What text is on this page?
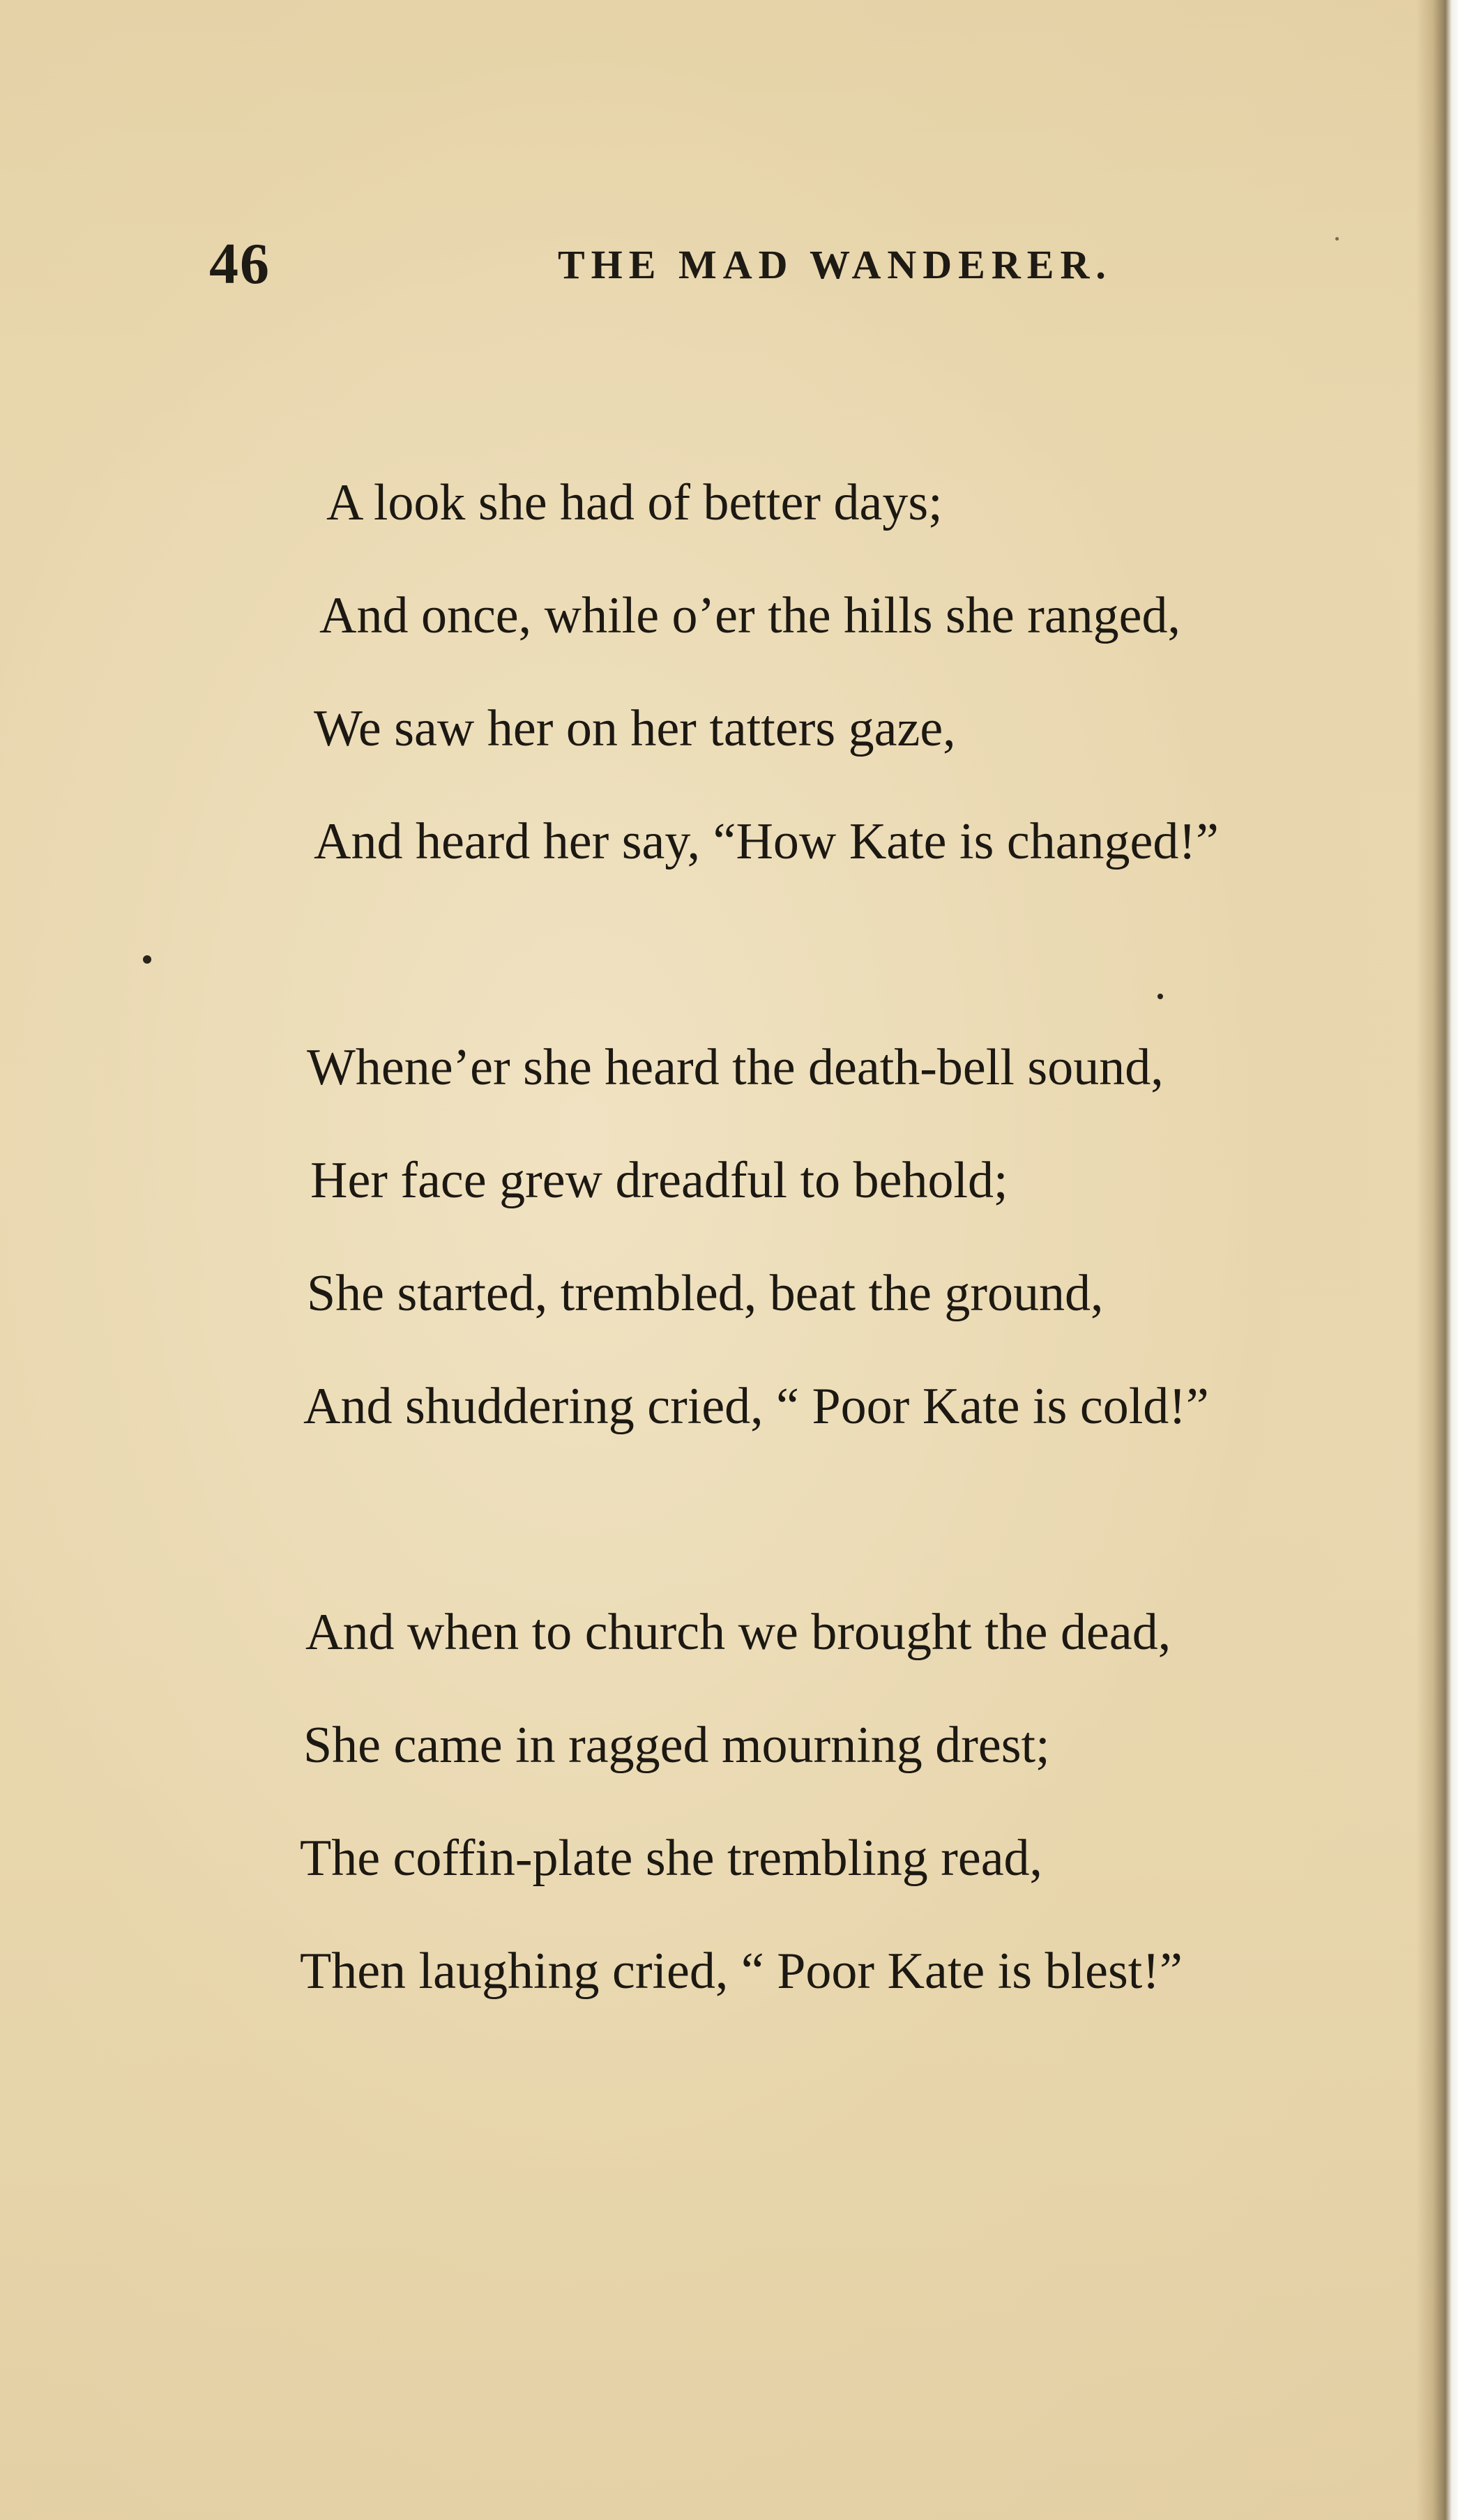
46	THE MAD WANDERER.
A look she had of better days;
And once, while o’er the hills she ranged,
We saw her on her tatters gaze,
And heard her say, “How Kate is changed!”
Whene’er she heard the death-bell sound,
Her face grew dreadful to behold;
She started, trembled, beat the ground,
And shuddering cried, “ Poor Kate is cold!”
And when to church we brought the dead,
She came in ragged mourning drest;
The coffin-plate she trembling read,
Then laughing cried, “ Poor Kate is blest!”
